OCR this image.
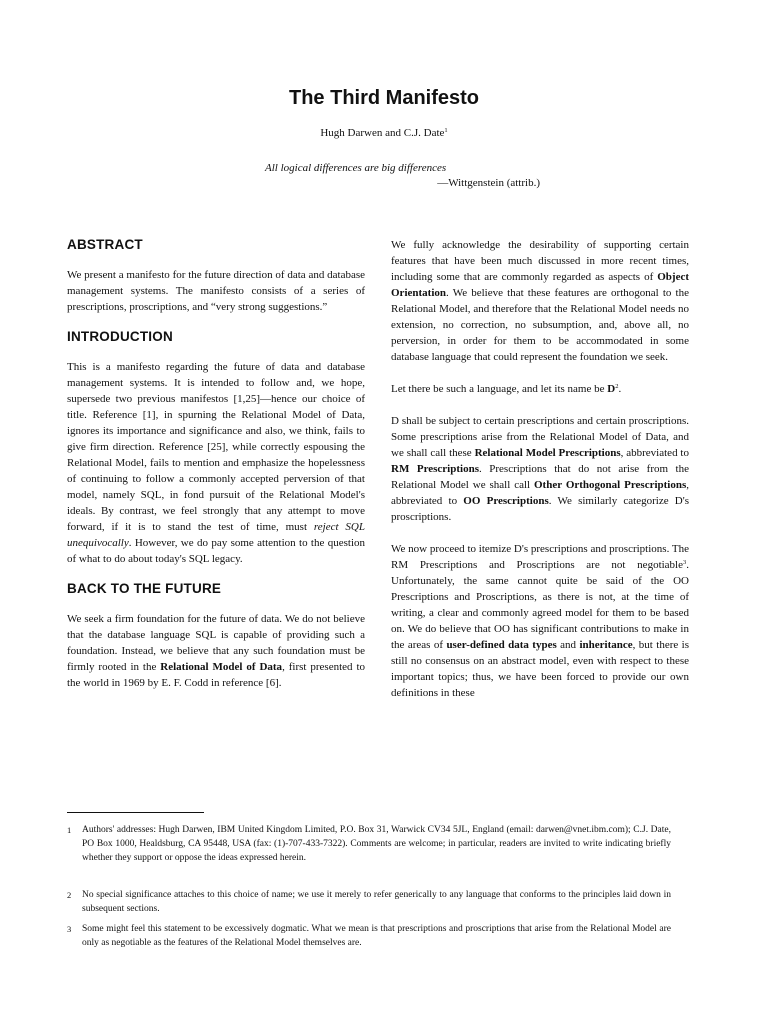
The Third Manifesto
Hugh Darwen and C.J. Date$^1$
All logical differences are big differences
—Wittgenstein (attrib.)
ABSTRACT

We present a manifesto for the future direction of data and database management systems. The manifesto consists of a series of prescriptions, proscriptions, and “very strong suggestions.”

INTRODUCTION

This is a manifesto regarding the future of data and database management systems. It is intended to follow and, we hope, supersede two previous manifestos [1,25]—hence our choice of title. Reference [1], in spurning the Relational Model of Data, ignores its importance and significance and also, we think, fails to give firm direction. Reference [25], while correctly espousing the Relational Model, fails to mention and emphasize the hopelessness of continuing to follow a commonly accepted perversion of that model, namely SQL, in fond pursuit of the Relational Model's ideals. By contrast, we feel strongly that any attempt to move forward, if it is to stand the test of time, must reject SQL unequivocally. However, we do pay some attention to the question of what to do about today's SQL legacy.

BACK TO THE FUTURE

We seek a firm foundation for the future of data. We do not believe that the database language SQL is capable of providing such a foundation. Instead, we believe that any such foundation must be firmly rooted in the Relational Model of Data, first presented to the world in 1969 by E. F. Codd in reference [6].

We fully acknowledge the desirability of supporting certain features that have been much discussed in more recent times, including some that are commonly regarded as aspects of Object Orientation. We believe that these features are orthogonal to the Relational Model, and therefore that the Relational Model needs no extension, no correction, no subsumption, and, above all, no perversion, in order for them to be accommodated in some database language that could represent the foundation we seek.

Let there be such a language, and let its name be $D^2$.

D shall be subject to certain prescriptions and certain proscriptions. Some prescriptions arise from the Relational Model of Data, and we shall call these Relational Model Prescriptions, abbreviated to RM Prescriptions. Prescriptions that do not arise from the Relational Model we shall call Other Orthogonal Prescriptions, abbreviated to OO Prescriptions. We similarly categorize D's proscriptions.

We now proceed to itemize D's prescriptions and proscriptions. The RM Prescriptions and Proscriptions are not negotiable$^3$. Unfortunately, the same cannot quite be said of the OO Prescriptions and Proscriptions, as there is not, at the time of writing, a clear and commonly agreed model for them to be based on. We do believe that OO has significant contributions to make in the areas of user-defined data types and inheritance, but there is still no consensus on an abstract model, even with respect to these important topics; thus, we have been forced to provide our own definitions in these

1 Authors' addresses: Hugh Darwen, IBM United Kingdom Limited, P.O. Box 31, Warwick CV34 5JL, England (email: darwen@vnet.ibm.com); C.J. Date, PO Box 1000, Healdsburg, CA 95448, USA (fax: (1)-707-433-7322). Comments are welcome; in particular, readers are invited to write indicating briefly whether they support or oppose the ideas expressed herein.
2 No special significance attaches to this choice of name; we use it merely to refer generically to any language that conforms to the principles laid down in subsequent sections.
3 Some might feel this statement to be excessively dogmatic. What we mean is that prescriptions and proscriptions that arise from the Relational Model are only as negotiable as the features of the Relational Model themselves are.
